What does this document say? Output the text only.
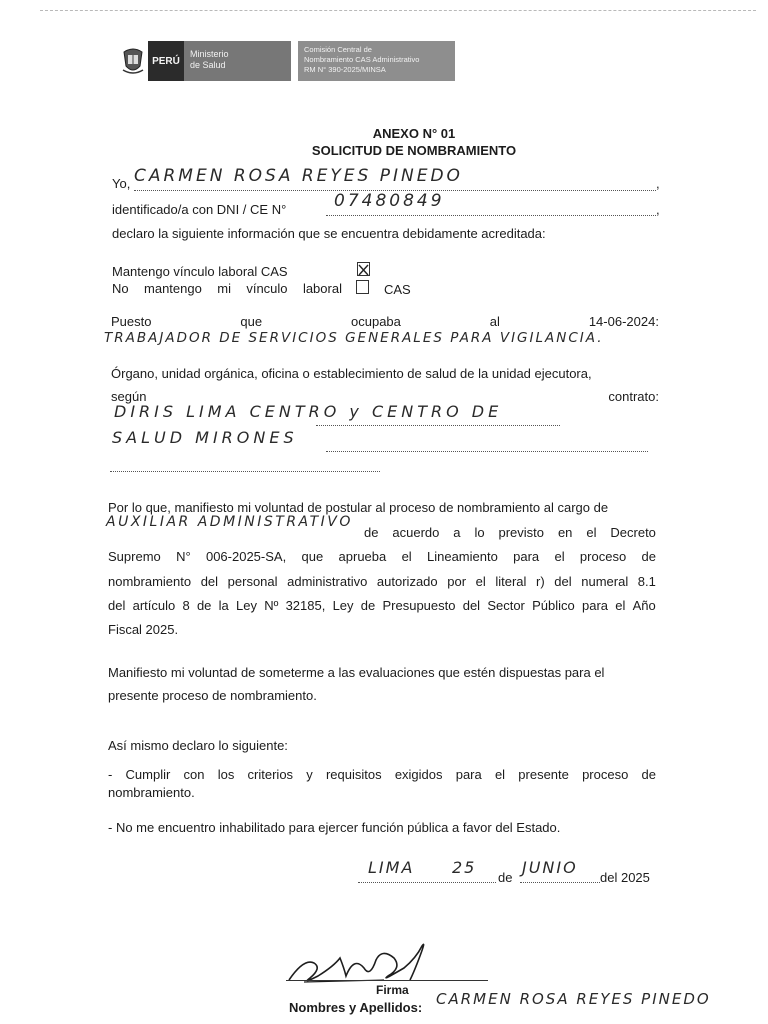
PERÚ
Ministerio
de Salud
Comisión Central de
Nombramiento CAS Administrativo
RM N° 390-2025/MINSA
ANEXO N° 01
SOLICITUD DE NOMBRAMIENTO
Yo, CARMEN ROSA REYES PINEDO	,
identificado/a con DNI / CE N°	07480849	,
declaro la siguiente información que se encuentra debidamente acreditada:
Mantengo vínculo laboral CAS
No mantengo mi vínculo laboral	CAS
Puesto	que	ocupaba	al	14-06-2024:
TRABAJADOR DE SERVICIOS GENERALES PARA VIGILANCIA.
Órgano, unidad orgánica, oficina o establecimiento de salud de la unidad ejecutora,
según	contrato:
DIRIS LIMA CENTRO y CENTRO DE
SALUD MIRONES
Por lo que, manifiesto mi voluntad de postular al proceso de nombramiento al cargo de
AUXILIAR ADMINISTRATIVO
de acuerdo a lo previsto en el Decreto
Supremo N° 006-2025-SA, que aprueba el Lineamiento para el proceso de
nombramiento del personal administrativo autorizado por el literal r) del numeral 8.1
del artículo 8 de la Ley Nº 32185, Ley de Presupuesto del Sector Público para el Año
Fiscal 2025.
Manifiesto mi voluntad de someterme a las evaluaciones que estén dispuestas para el
presente proceso de nombramiento.
Así mismo declaro lo siguiente:
- Cumplir con los criterios y requisitos exigidos para el presente proceso de
nombramiento.
- No me encuentro inhabilitado para ejercer función pública a favor del Estado.
LIMA 25
de
JUNIO
del 2025
Firma
Nombres y Apellidos: CARMEN ROSA REYES PINEDO
